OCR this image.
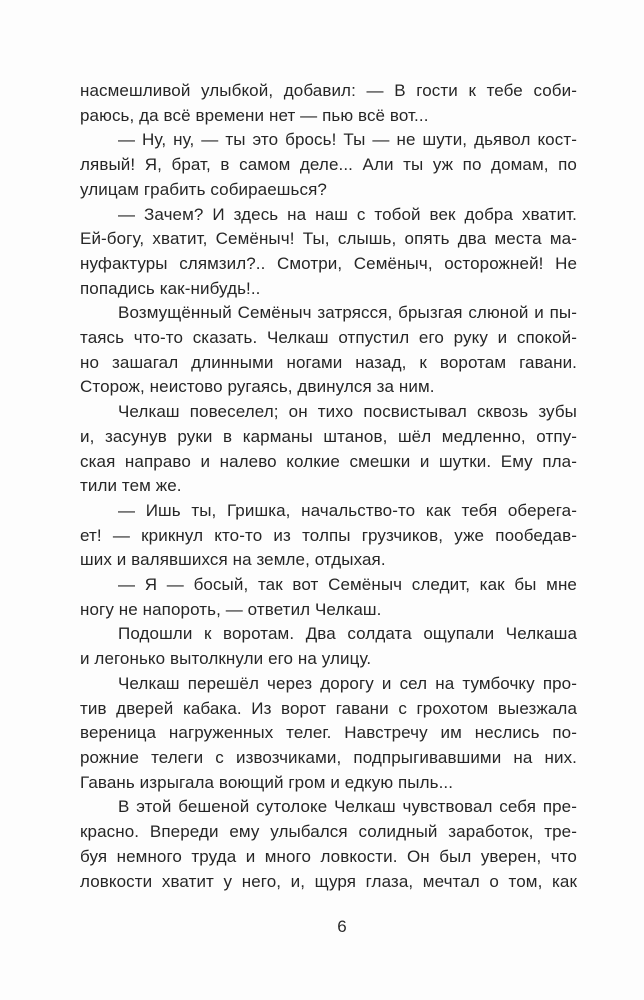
насмешливой улыбкой, добавил: — В гости к тебе соби-
раюсь, да всё времени нет — пью всё вот...
— Ну, ну, — ты это брось! Ты — не шути, дьявол кост-
лявый! Я, брат, в самом деле... Али ты уж по домам, по
улицам грабить собираешься?
— Зачем? И здесь на наш с тобой век добра хватит.
Ей-богу, хватит, Семёныч! Ты, слышь, опять два места ма-
нуфактуры слямзил?.. Смотри, Семёныч, осторожней! Не
попадись как-нибудь!..
Возмущённый Семёныч затрясся, брызгая слюной и пы-
таясь что-то сказать. Челкаш отпустил его руку и спокой-
но зашагал длинными ногами назад, к воротам гавани.
Сторож, неистово ругаясь, двинулся за ним.
Челкаш повеселел; он тихо посвистывал сквозь зубы
и, засунув руки в карманы штанов, шёл медленно, отпу-
ская направо и налево колкие смешки и шутки. Ему пла-
тили тем же.
— Ишь ты, Гришка, начальство-то как тебя оберега-
ет! — крикнул кто-то из толпы грузчиков, уже пообедав-
ших и валявшихся на земле, отдыхая.
— Я — босый, так вот Семёныч следит, как бы мне
ногу не напороть, — ответил Челкаш.
Подошли к воротам. Два солдата ощупали Челкаша
и легонько вытолкнули его на улицу.
Челкаш перешёл через дорогу и сел на тумбочку про-
тив дверей кабака. Из ворот гавани с грохотом выезжала
вереница нагруженных телег. Навстречу им неслись по-
рожние телеги с извозчиками, подпрыгивавшими на них.
Гавань изрыгала воющий гром и едкую пыль...
В этой бешеной сутолоке Челкаш чувствовал себя пре-
красно. Впереди ему улыбался солидный заработок, тре-
буя немного труда и много ловкости. Он был уверен, что
ловкости хватит у него, и, щуря глаза, мечтал о том, как
6
